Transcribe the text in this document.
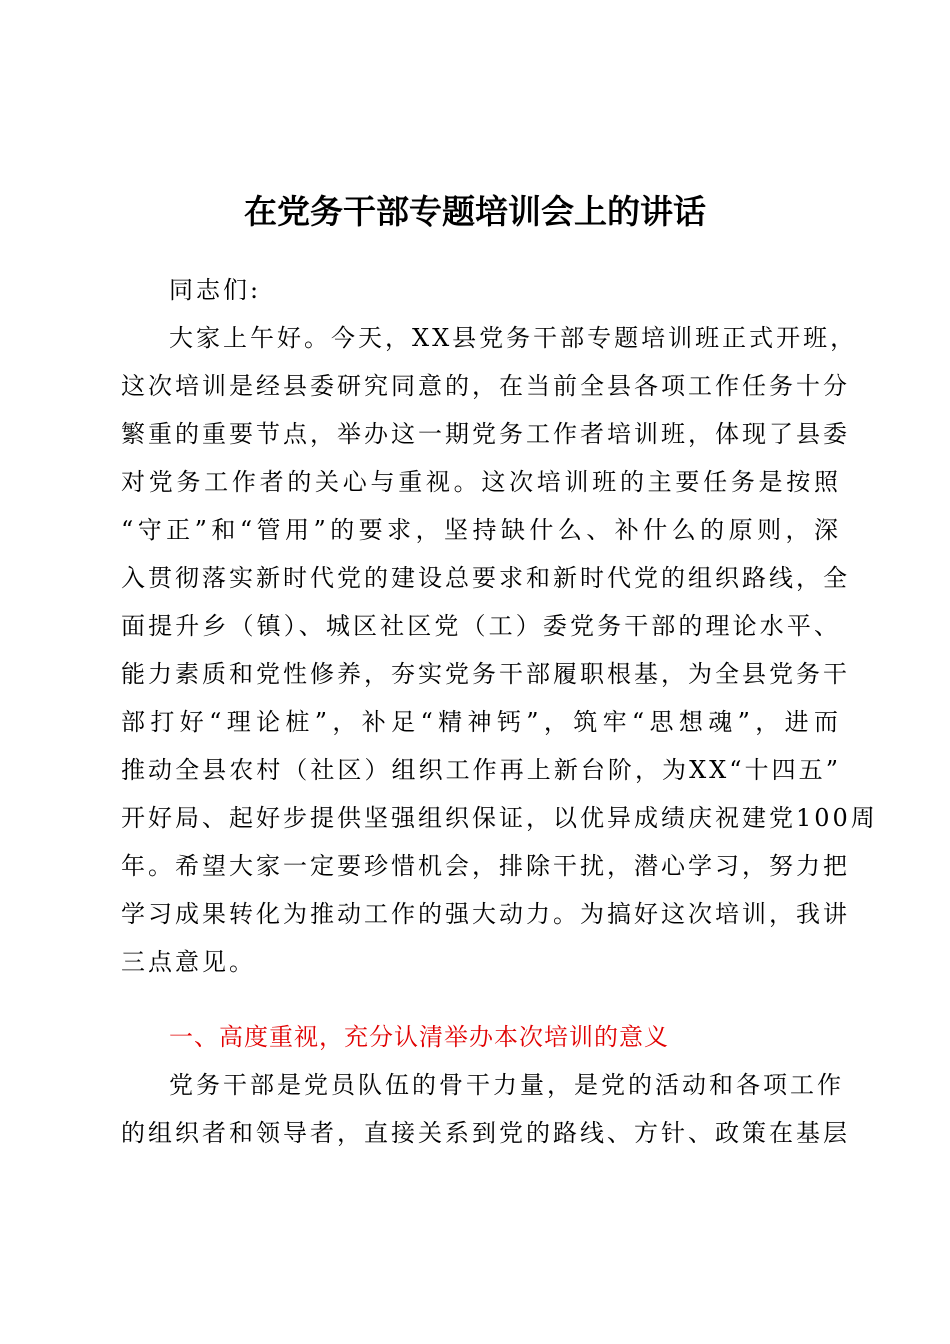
在党务干部专题培训会上的讲话
同志们:
大家上午好。今天，XX县党务干部专题培训班正式开班，
这次培训是经县委研究同意的，在当前全县各项工作任务十分
繁重的重要节点，举办这一期党务工作者培训班，体现了县委
对党务工作者的关心与重视。这次培训班的主要任务是按照
“守正”和“管用”的要求，坚持缺什么、补什么的原则，深
入贯彻落实新时代党的建设总要求和新时代党的组织路线，全
面提升乡（镇）、城区社区党（工）委党务干部的理论水平、
能力素质和党性修养，夯实党务干部履职根基，为全县党务干
部打好“理论桩”，补足“精神钙”，筑牢“思想魂”，进而
推动全县农村（社区）组织工作再上新台阶，为XX“十四五”
开好局、起好步提供坚强组织保证，以优异成绩庆祝建党100周
年。希望大家一定要珍惜机会，排除干扰，潜心学习，努力把
学习成果转化为推动工作的强大动力。为搞好这次培训，我讲
三点意见。
一、高度重视，充分认清举办本次培训的意义
党务干部是党员队伍的骨干力量，是党的活动和各项工作
的组织者和领导者，直接关系到党的路线、方针、政策在基层
